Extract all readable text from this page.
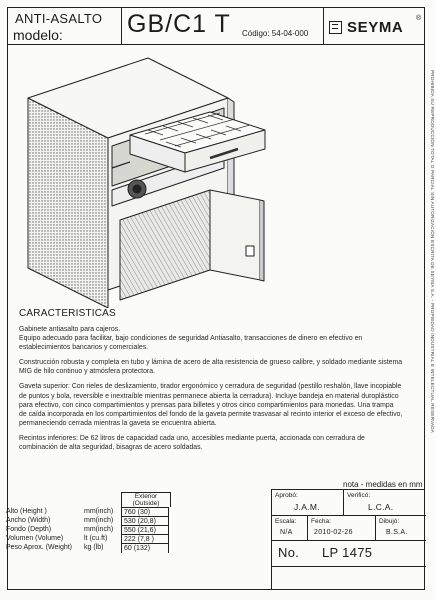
ANTI-ASALTO
modelo:	GB/C1 T Código: 54-04-000	SEYMA
®
PROHIBIDA SU REPRODUCCIÓN TOTAL O PARCIAL SIN AUTORIZACIÓN ESCRITA DE SEYMA S.A. - PROPIEDAD INDUSTRIAL E INTELECTUAL RESERVADA
CARACTERISTICAS

Gabinete antiasalto para cajeros.
Equipo adecuado para facilitar, bajo condiciones de seguridad Antiasalto, transacciones de dinero en efectivo en establecimientos bancarios y comerciales.

Construcción robusta y completa en tubo y lámina de acero de alta resistencia de grueso calibre, y soldado mediante sistema MIG de hilo continuo y atmósfera protectora.

Gaveta superior: Con rieles de deslizamiento, tirador ergonómico y cerradura de seguridad (pestillo reshalón, llave incopiable de puntos y bola, reversible e inextraíble mientras permanece abierta la cerradura). Incluye bandeja en material duroplástico para efectivo, con cinco compartimientos y prensas para billetes y otros cinco compartimientos para monedas. Una trampa de caída incorporada en los compartimientos del fondo de la gaveta permite trasvasar al recinto interior el exceso de efectivo, permaneciendo cerrada mientras la gaveta se encuentra abierta.

Recintos inferiores: De 62 litros de capacidad cada uno, accesibles mediante puerta, accionada con cerradura de combinación de alta seguridad, bisagras de acero soldadas.

Exterior
(Outside)
Alto (Height )	mm(inch)	760 (30)
Ancho (Width)	mm(inch)	530 (20,8)
Fondo (Depth)	mm(inch)	550 (21,6)
Volumen (Volume)	lt (cu.ft)	222 (7,8 )
Peso Aprox. (Weight) kg (lb)	60 (132)
nota - medidas en mm
Aprobó:
J.A.M.
Verificó:
L.C.A.
Escala:
N/A
Fecha:
2010-02-26
Dibujó:
B.S.A.
No. LP 1475
